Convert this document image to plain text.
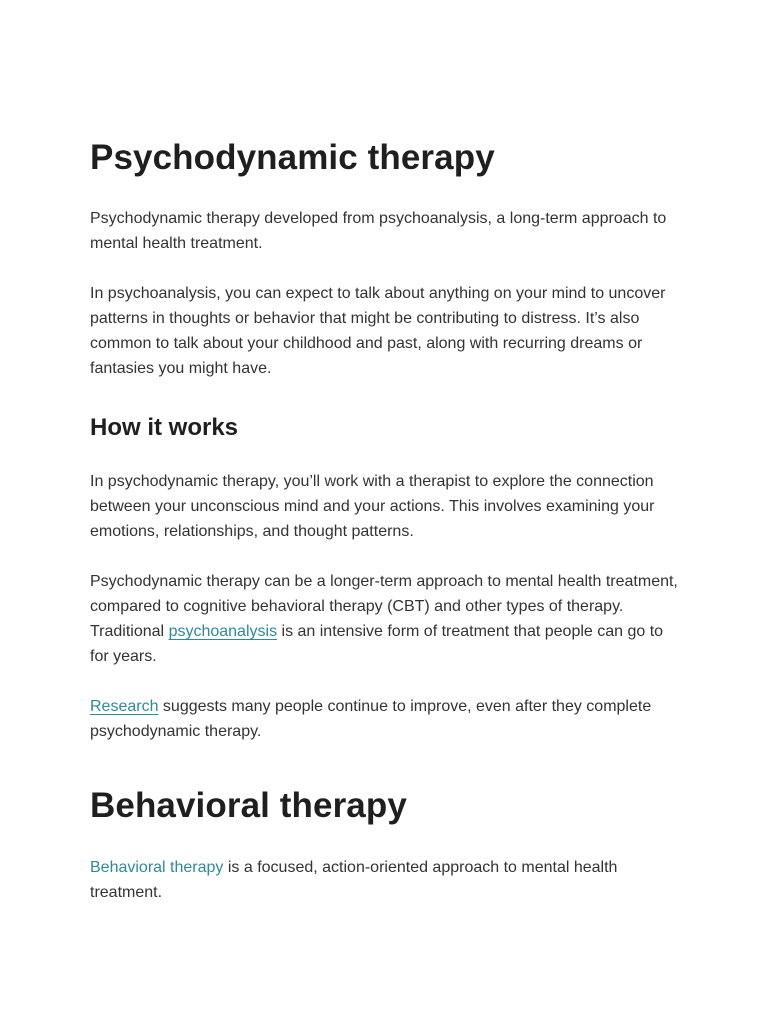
Psychodynamic therapy

Psychodynamic therapy developed from psychoanalysis, a long-term approach to mental health treatment.

In psychoanalysis, you can expect to talk about anything on your mind to uncover patterns in thoughts or behavior that might be contributing to distress. It’s also common to talk about your childhood and past, along with recurring dreams or fantasies you might have.

How it works

In psychodynamic therapy, you’ll work with a therapist to explore the connection between your unconscious mind and your actions. This involves examining your emotions, relationships, and thought patterns.

Psychodynamic therapy can be a longer-term approach to mental health treatment, compared to cognitive behavioral therapy (CBT) and other types of therapy. Traditional psychoanalysis is an intensive form of treatment that people can go to for years.

Research suggests many people continue to improve, even after they complete psychodynamic therapy.

Behavioral therapy

Behavioral therapy is a focused, action-oriented approach to mental health treatment.
